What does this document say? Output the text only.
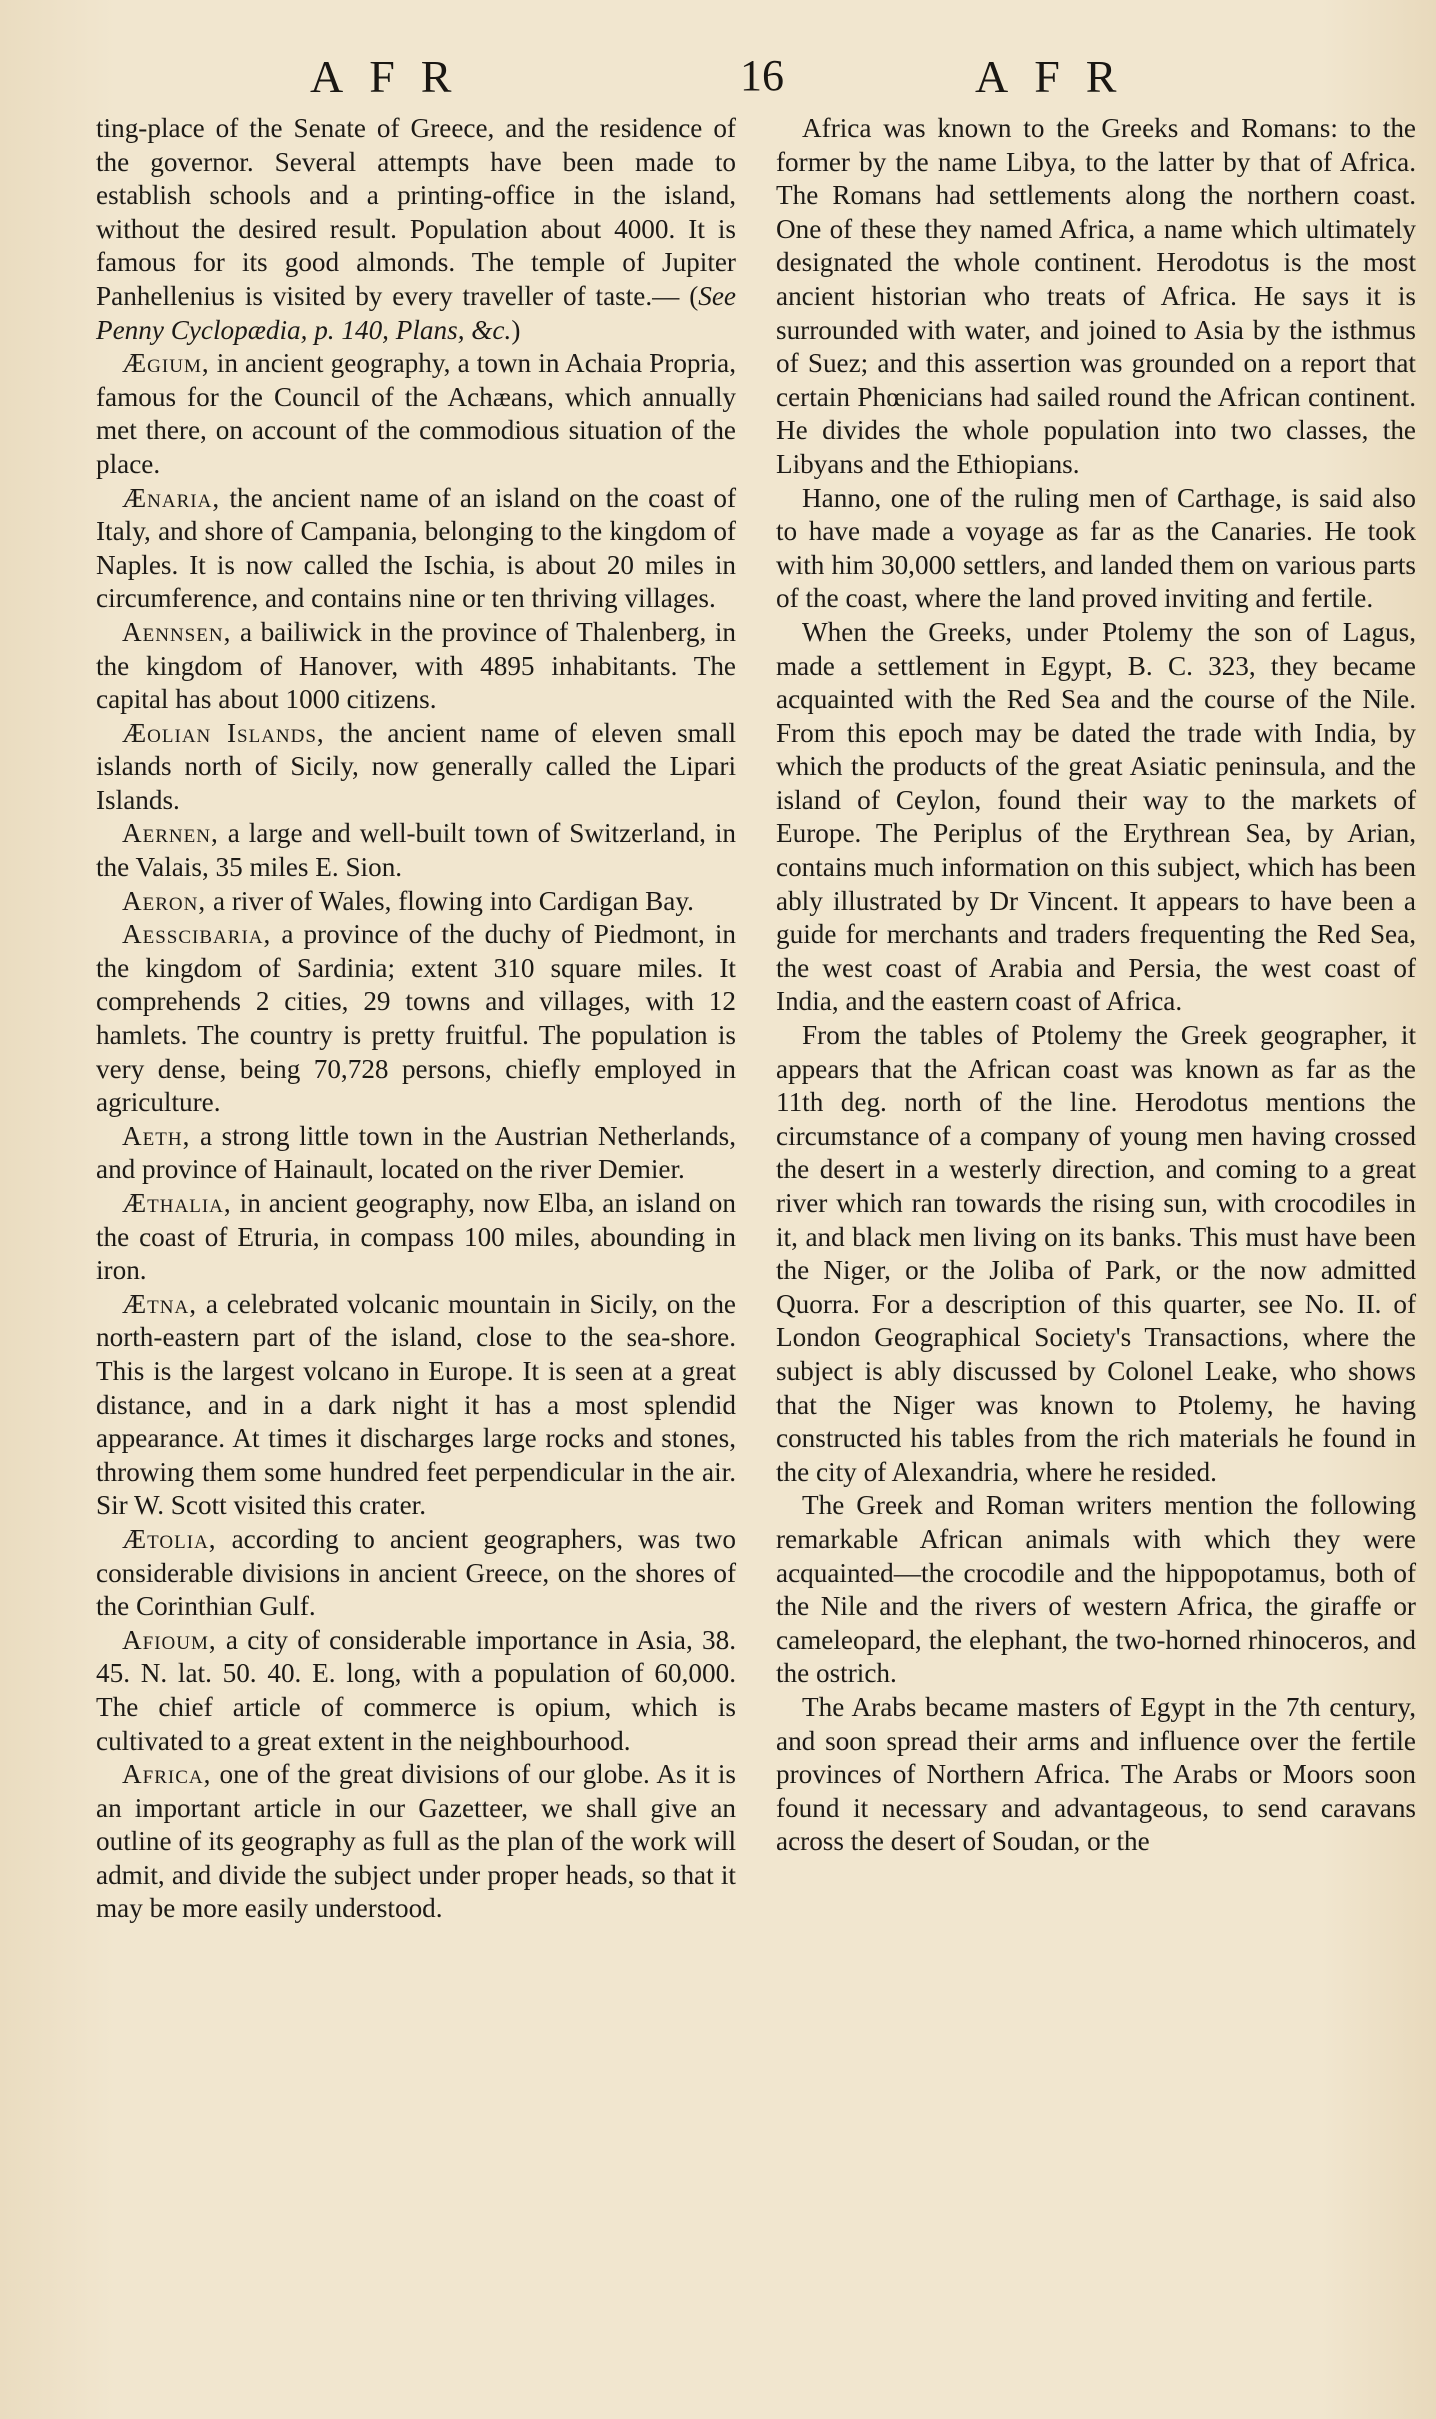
AFR	16	AFR

ting-place of the Senate of Greece, and the residence of the governor. Several attempts have been made to establish schools and a printing-office in the island, without the desired result. Population about 4000. It is famous for its good almonds. The temple of Jupiter Panhellenius is visited by every traveller of taste.— (See Penny Cyclopædia, p. 140, Plans, &c.)

Ægium, in ancient geography, a town in Achaia Propria, famous for the Council of the Achæans, which annually met there, on account of the commodious situation of the place.

Ænaria, the ancient name of an island on the coast of Italy, and shore of Campania, belonging to the kingdom of Naples. It is now called the Ischia, is about 20 miles in circumference, and contains nine or ten thriving villages.

Aennsen, a bailiwick in the province of Thalenberg, in the kingdom of Hanover, with 4895 inhabitants. The capital has about 1000 citizens.

Æolian Islands, the ancient name of eleven small islands north of Sicily, now generally called the Lipari Islands.

Aernen, a large and well-built town of Switzerland, in the Valais, 35 miles E. Sion.

Aeron, a river of Wales, flowing into Cardigan Bay.

Aesscibaria, a province of the duchy of Piedmont, in the kingdom of Sardinia; extent 310 square miles. It comprehends 2 cities, 29 towns and villages, with 12 hamlets. The country is pretty fruitful. The population is very dense, being 70,728 persons, chiefly employed in agriculture.

Aeth, a strong little town in the Austrian Netherlands, and province of Hainault, located on the river Demier.

Æthalia, in ancient geography, now Elba, an island on the coast of Etruria, in compass 100 miles, abounding in iron.

Ætna, a celebrated volcanic mountain in Sicily, on the north-eastern part of the island, close to the sea-shore. This is the largest volcano in Europe. It is seen at a great distance, and in a dark night it has a most splendid appearance. At times it discharges large rocks and stones, throwing them some hundred feet perpendicular in the air. Sir W. Scott visited this crater.

Ætolia, according to ancient geographers, was two considerable divisions in ancient Greece, on the shores of the Corinthian Gulf.

Afioum, a city of considerable importance in Asia, 38. 45. N. lat. 50. 40. E. long, with a population of 60,000. The chief article of commerce is opium, which is cultivated to a great extent in the neighbourhood.

Africa, one of the great divisions of our globe. As it is an important article in our Gazetteer, we shall give an outline of its geography as full as the plan of the work will admit, and divide the subject under proper heads, so that it may be more easily understood.

Africa was known to the Greeks and Romans: to the former by the name Libya, to the latter by that of Africa. The Romans had settlements along the northern coast. One of these they named Africa, a name which ultimately designated the whole continent. Herodotus is the most ancient historian who treats of Africa. He says it is surrounded with water, and joined to Asia by the isthmus of Suez; and this assertion was grounded on a report that certain Phœnicians had sailed round the African continent. He divides the whole population into two classes, the Libyans and the Ethiopians.

Hanno, one of the ruling men of Carthage, is said also to have made a voyage as far as the Canaries. He took with him 30,000 settlers, and landed them on various parts of the coast, where the land proved inviting and fertile.

When the Greeks, under Ptolemy the son of Lagus, made a settlement in Egypt, B. C. 323, they became acquainted with the Red Sea and the course of the Nile. From this epoch may be dated the trade with India, by which the products of the great Asiatic peninsula, and the island of Ceylon, found their way to the markets of Europe. The Periplus of the Erythrean Sea, by Arian, contains much information on this subject, which has been ably illustrated by Dr Vincent. It appears to have been a guide for merchants and traders frequenting the Red Sea, the west coast of Arabia and Persia, the west coast of India, and the eastern coast of Africa.

From the tables of Ptolemy the Greek geographer, it appears that the African coast was known as far as the 11th deg. north of the line. Herodotus mentions the circumstance of a company of young men having crossed the desert in a westerly direction, and coming to a great river which ran towards the rising sun, with crocodiles in it, and black men living on its banks. This must have been the Niger, or the Joliba of Park, or the now admitted Quorra. For a description of this quarter, see No. II. of London Geographical Society's Transactions, where the subject is ably discussed by Colonel Leake, who shows that the Niger was known to Ptolemy, he having constructed his tables from the rich materials he found in the city of Alexandria, where he resided.

The Greek and Roman writers mention the following remarkable African animals with which they were acquainted—the crocodile and the hippopotamus, both of the Nile and the rivers of western Africa, the giraffe or cameleopard, the elephant, the two-horned rhinoceros, and the ostrich.

The Arabs became masters of Egypt in the 7th century, and soon spread their arms and influence over the fertile provinces of Northern Africa. The Arabs or Moors soon found it necessary and advantageous, to send caravans across the desert of Soudan, or the
